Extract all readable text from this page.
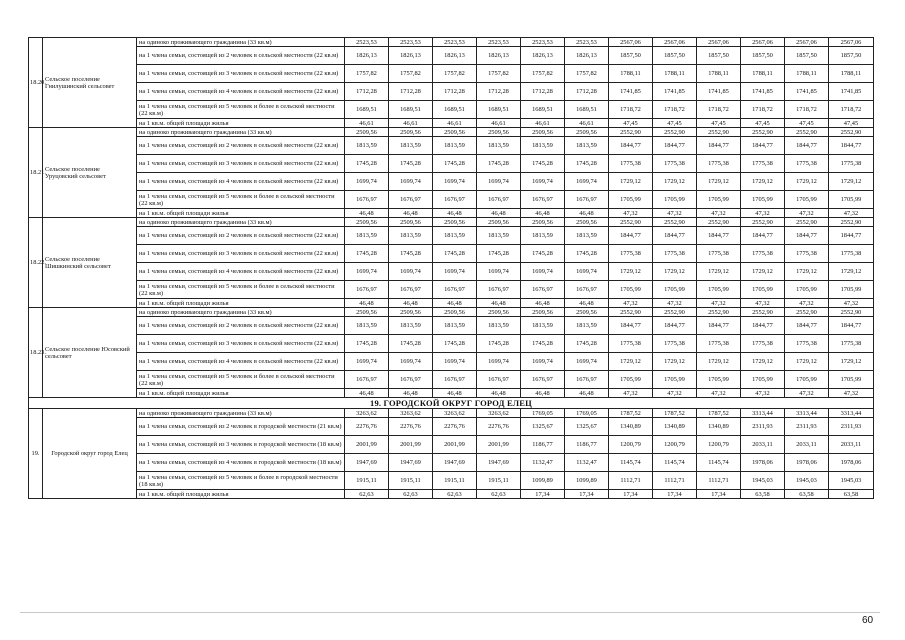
18.20.	Сельское поселение Гнилушинский сельсовет	на одиноко проживающего гражданина (33 кв.м)	2523,53	2523,53	2523,53	2523,53	2523,53	2523,53	2567,06	2567,06	2567,06	2567,06	2567,06	2567,06
		на 1 члена семьи, состоящей из 2 человек в сельской местности (22 кв.м)	1826,13	1826,13	1826,13	1826,13	1826,13	1826,13	1857,50	1857,50	1857,50	1857,50	1857,50	1857,50
		на 1 члена семьи, состоящей из 3 человек в сельской местности (22 кв.м)	1757,82	1757,82	1757,82	1757,82	1757,82	1757,82	1788,11	1788,11	1788,11	1788,11	1788,11	1788,11
		на 1 члена семьи, состоящей из 4 человек в сельской местности (22 кв.м)	1712,28	1712,28	1712,28	1712,28	1712,28	1712,28	1741,85	1741,85	1741,85	1741,85	1741,85	1741,85
		на 1 члена семьи, состоящей из 5 человек и более в сельской местности (22 кв.м)	1689,51	1689,51	1689,51	1689,51	1689,51	1689,51	1718,72	1718,72	1718,72	1718,72	1718,72	1718,72
		на 1 кв.м. общей площади жилья	46,61	46,61	46,61	46,61	46,61	46,61	47,45	47,45	47,45	47,45	47,45	47,45
18.21.	Сельское поселение Уруцовский сельсовет	на одиноко проживающего гражданина (33 кв.м)	2509,56	2509,56	2509,56	2509,56	2509,56	2509,56	2552,90	2552,90	2552,90	2552,90	2552,90	2552,90
		на 1 члена семьи, состоящей из 2 человек в сельской местности (22 кв.м)	1813,59	1813,59	1813,59	1813,59	1813,59	1813,59	1844,77	1844,77	1844,77	1844,77	1844,77	1844,77
		на 1 члена семьи, состоящей из 3 человек в сельской местности (22 кв.м)	1745,28	1745,28	1745,28	1745,28	1745,28	1745,28	1775,38	1775,38	1775,38	1775,38	1775,38	1775,38
		на 1 члена семьи, состоящей из 4 человек в сельской местности (22 кв.м)	1699,74	1699,74	1699,74	1699,74	1699,74	1699,74	1729,12	1729,12	1729,12	1729,12	1729,12	1729,12
		на 1 члена семьи, состоящей из 5 человек и более в сельской местности (22 кв.м)	1676,97	1676,97	1676,97	1676,97	1676,97	1676,97	1705,99	1705,99	1705,99	1705,99	1705,99	1705,99
		на 1 кв.м. общей площади жилья	46,48	46,48	46,48	46,48	46,48	46,48	47,32	47,32	47,32	47,32	47,32	47,32
18.22.	Сельское поселение Шишкинский сельсовет	на одиноко проживающего гражданина (33 кв.м)	2509,56	2509,56	2509,56	2509,56	2509,56	2509,56	2552,90	2552,90	2552,90	2552,90	2552,90	2552,90
		на 1 члена семьи, состоящей из 2 человек в сельской местности (22 кв.м)	1813,59	1813,59	1813,59	1813,59	1813,59	1813,59	1844,77	1844,77	1844,77	1844,77	1844,77	1844,77
		на 1 члена семьи, состоящей из 3 человек в сельской местности (22 кв.м)	1745,28	1745,28	1745,28	1745,28	1745,28	1745,28	1775,38	1775,38	1775,38	1775,38	1775,38	1775,38
		на 1 члена семьи, состоящей из 4 человек в сельской местности (22 кв.м)	1699,74	1699,74	1699,74	1699,74	1699,74	1699,74	1729,12	1729,12	1729,12	1729,12	1729,12	1729,12
		на 1 члена семьи, состоящей из 5 человек и более в сельской местности (22 кв.м)	1676,97	1676,97	1676,97	1676,97	1676,97	1676,97	1705,99	1705,99	1705,99	1705,99	1705,99	1705,99
		на 1 кв.м. общей площади жилья	46,48	46,48	46,48	46,48	46,48	46,48	47,32	47,32	47,32	47,32	47,32	47,32
18.23.	Сельское поселение Юсовский сельсовет	на одиноко проживающего гражданина (33 кв.м)	2509,56	2509,56	2509,56	2509,56	2509,56	2509,56	2552,90	2552,90	2552,90	2552,90	2552,90	2552,90
		на 1 члена семьи, состоящей из 2 человек в сельской местности (22 кв.м)	1813,59	1813,59	1813,59	1813,59	1813,59	1813,59	1844,77	1844,77	1844,77	1844,77	1844,77	1844,77
		на 1 члена семьи, состоящей из 3 человек в сельской местности (22 кв.м)	1745,28	1745,28	1745,28	1745,28	1745,28	1745,28	1775,38	1775,38	1775,38	1775,38	1775,38	1775,38
		на 1 члена семьи, состоящей из 4 человек в сельской местности (22 кв.м)	1699,74	1699,74	1699,74	1699,74	1699,74	1699,74	1729,12	1729,12	1729,12	1729,12	1729,12	1729,12
		на 1 члена семьи, состоящей из 5 человек и более в сельской местности (22 кв.м)	1676,97	1676,97	1676,97	1676,97	1676,97	1676,97	1705,99	1705,99	1705,99	1705,99	1705,99	1705,99
		на 1 кв.м. общей площади жилья	46,48	46,48	46,48	46,48	46,48	46,48	47,32	47,32	47,32	47,32	47,32	47,32
19. ГОРОДСКОЙ ОКРУГ ГОРОД ЕЛЕЦ														
19.	Городской округ город Елец	на одиноко проживающего гражданина (33 кв.м)	3263,62	3263,62	3263,62	3263,62	1769,05	1769,05	1787,52	1787,52	1787,52	3313,44	3313,44	3313,44
		на 1 члена семьи, состоящей из 2 человек в городской местности (21 кв.м)	2276,76	2276,76	2276,76	2276,76	1325,67	1325,67	1340,89	1340,89	1340,89	2311,93	2311,93	2311,93
		на 1 члена семьи, состоящей из 3 человек в городской местности (18 кв.м)	2001,99	2001,99	2001,99	2001,99	1186,77	1186,77	1200,79	1200,79	1200,79	2033,11	2033,11	2033,11
		на 1 члена семьи, состоящей из 4 человек в городской местности (18 кв.м)	1947,69	1947,69	1947,69	1947,69	1132,47	1132,47	1145,74	1145,74	1145,74	1978,06	1978,06	1978,06
		на 1 члена семьи, состоящей из 5 человек и более в городской местности (18 кв.м)	1915,11	1915,11	1915,11	1915,11	1099,89	1099,89	1112,71	1112,71	1112,71	1945,03	1945,03	1945,03
		на 1 кв.м. общей площади жилья	62,63	62,63	62,63	62,63	17,34	17,34	17,34	17,34	17,34	63,58	63,58	63,58
60
